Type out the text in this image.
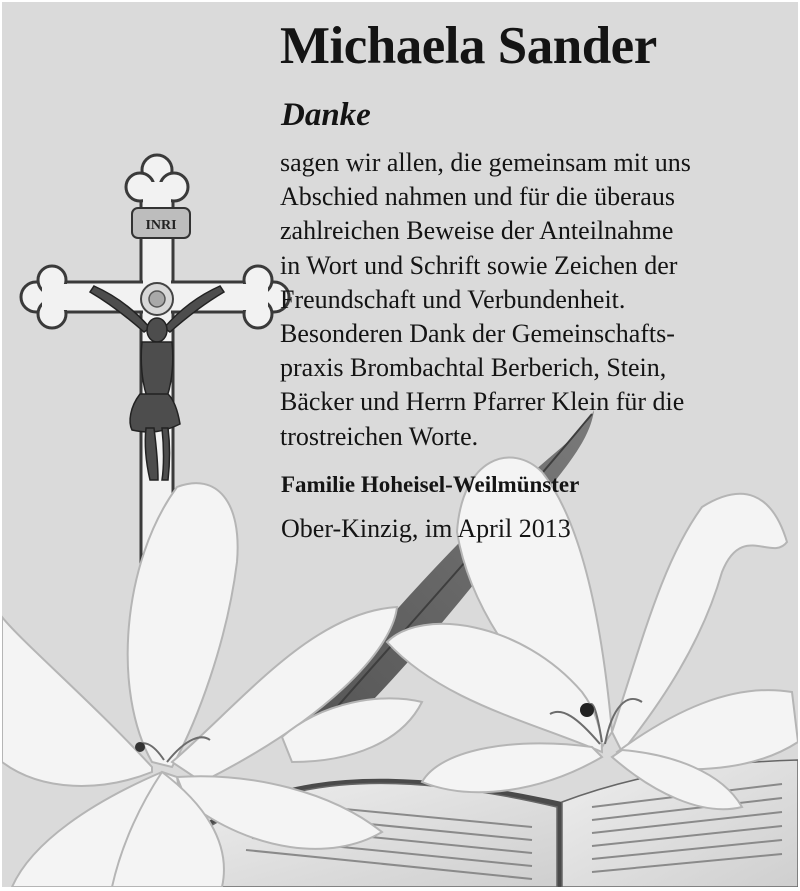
INRI
Michaela Sander
Danke

sagen wir allen, die gemeinsam mit uns
Abschied nahmen und für die überaus
zahlreichen Beweise der Anteilnahme
in Wort und Schrift sowie Zeichen der
Freundschaft und Verbundenheit.
Besonderen Dank der Gemeinschafts-
praxis Brombachtal Berberich, Stein,
Bäcker und Herrn Pfarrer Klein für die
trostreichen Worte.

Familie Hoheisel-Weilmünster

Ober-Kinzig, im April 2013
